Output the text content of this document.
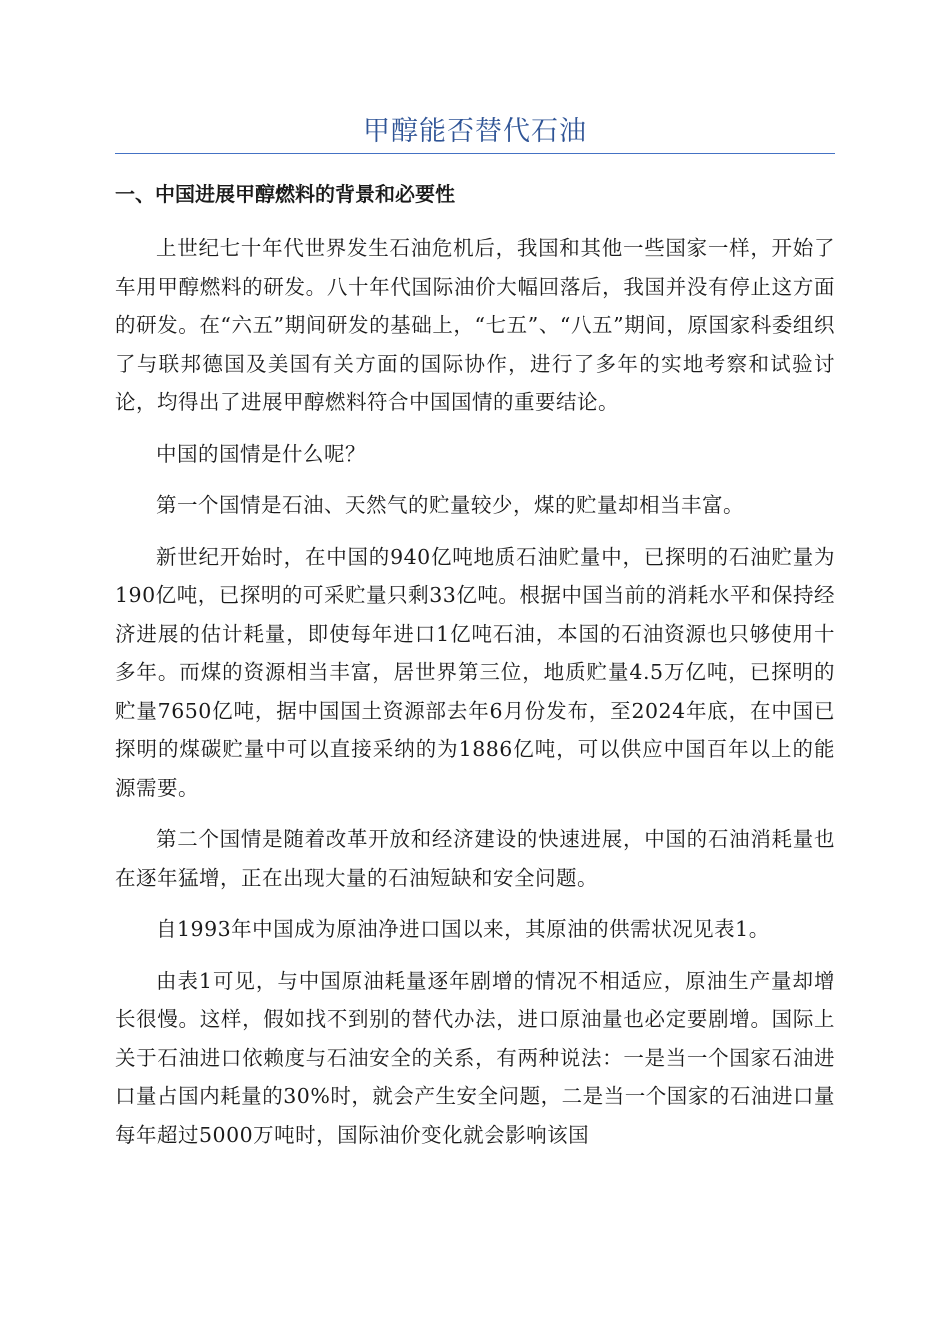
甲醇能否替代石油
一、中国进展甲醇燃料的背景和必要性

上世纪七十年代世界发生石油危机后，我国和其他一些国家一样，开始了车用甲醇燃料的研发。八十年代国际油价大幅回落后，我国并没有停止这方面的研发。在“六五”期间研发的基础上，“七五”、“八五”期间，原国家科委组织了与联邦德国及美国有关方面的国际协作，进行了多年的实地考察和试验讨论，均得出了进展甲醇燃料符合中国国情的重要结论。

中国的国情是什么呢？

第一个国情是石油、天然气的贮量较少，煤的贮量却相当丰富。

新世纪开始时，在中国的940亿吨地质石油贮量中，已探明的石油贮量为190亿吨，已探明的可采贮量只剩33亿吨。根据中国当前的消耗水平和保持经济进展的估计耗量，即使每年进口1亿吨石油，本国的石油资源也只够使用十多年。而煤的资源相当丰富，居世界第三位，地质贮量4.5万亿吨，已探明的贮量7650亿吨，据中国国土资源部去年6月份发布，至2024年底，在中国已探明的煤碳贮量中可以直接采纳的为1886亿吨，可以供应中国百年以上的能源需要。

第二个国情是随着改革开放和经济建设的快速进展，中国的石油消耗量也在逐年猛增，正在出现大量的石油短缺和安全问题。

自1993年中国成为原油净进口国以来，其原油的供需状况见表1。

由表1可见，与中国原油耗量逐年剧增的情况不相适应，原油生产量却增长很慢。这样，假如找不到别的替代办法，进口原油量也必定要剧增。国际上关于石油进口依赖度与石油安全的关系，有两种说法：一是当一个国家石油进口量占国内耗量的30%时，就会产生安全问题，二是当一个国家的石油进口量每年超过5000万吨时，国际油价变化就会影响该国
